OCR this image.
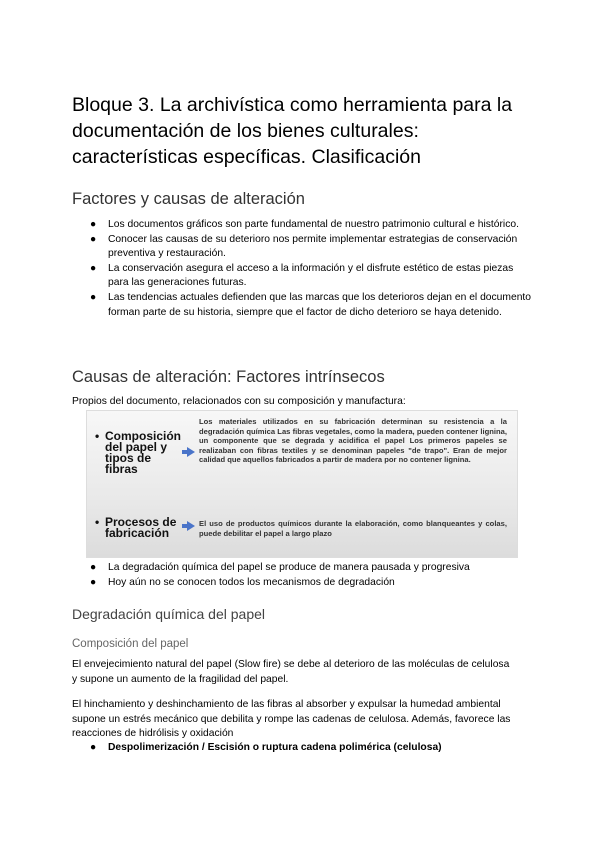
Bloque 3. La archivística como herramienta para la documentación de los bienes culturales: características específicas. Clasificación
Factores y causas de alteración
● Los documentos gráficos son parte fundamental de nuestro patrimonio cultural e histórico.
● Conocer las causas de su deterioro nos permite implementar estrategias de conservación preventiva y restauración.
● La conservación asegura el acceso a la información y el disfrute estético de estas piezas para las generaciones futuras.
● Las tendencias actuales defienden que las marcas que los deterioros dejan en el documento forman parte de su historia, siempre que el factor de dicho deterioro se haya detenido.
Causas de alteración: Factores intrínsecos

Propios del documento, relacionados con su composición y manufactura:

• Composición del papel y tipos de fibras
Los materiales utilizados en su fabricación determinan su resistencia a la degradación química Las fibras vegetales, como la madera, pueden contener lignina, un componente que se degrada y acidifica el papel Los primeros papeles se realizaban con fibras textiles y se denominan papeles "de trapo". Eran de mejor calidad que aquellos fabricados a partir de madera por no contener lignina.
• Procesos de fabricación
El uso de productos químicos durante la elaboración, como blanqueantes y colas, puede debilitar el papel a largo plazo
● La degradación química del papel se produce de manera pausada y progresiva
● Hoy aún no se conocen todos los mecanismos de degradación
Degradación química del papel
Composición del papel

El envejecimiento natural del papel (Slow fire) se debe al deterioro de las moléculas de celulosa y supone un aumento de la fragilidad del papel.

El hinchamiento y deshinchamiento de las fibras al absorber y expulsar la humedad ambiental supone un estrés mecánico que debilita y rompe las cadenas de celulosa. Además, favorece las reacciones de hidrólisis y oxidación

● Despolimerización / Escisión o ruptura cadena polimérica (celulosa)
